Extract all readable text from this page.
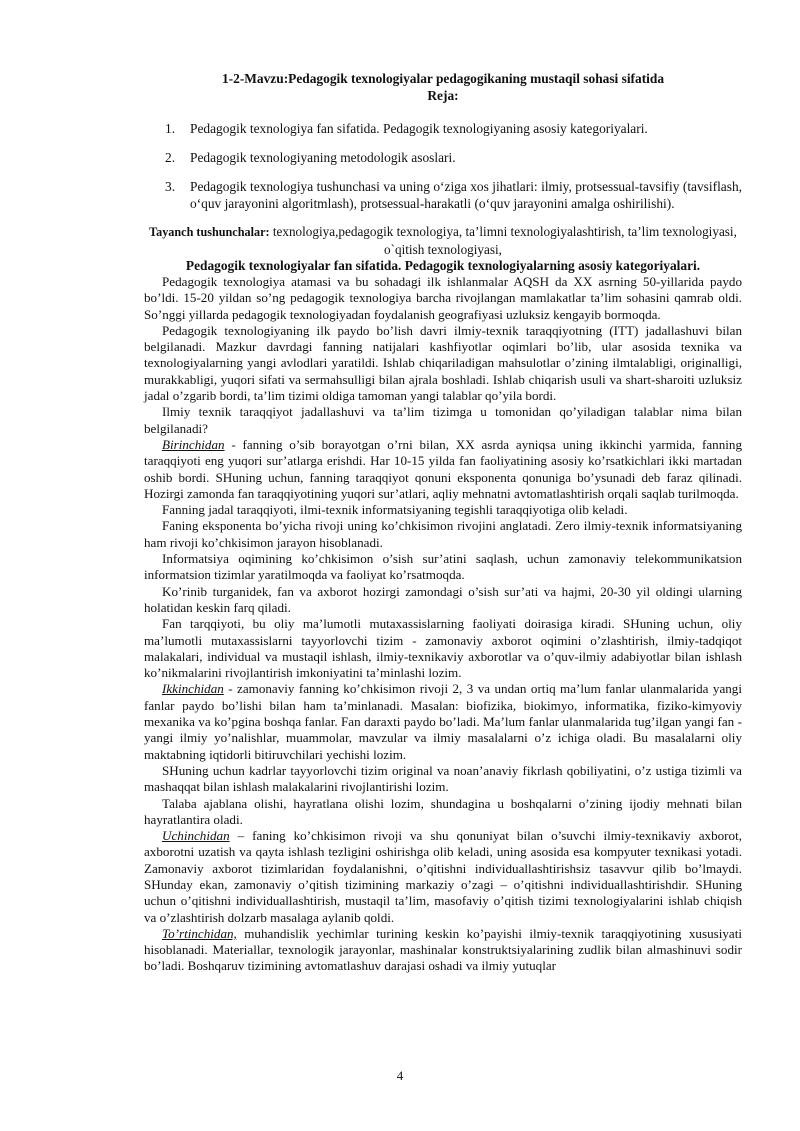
1-2-Mavzu:Pedagogik texnologiyalar pedagogikaning mustaqil sohasi sifatida
Reja:
1. Pedagogik texnologiya fan sifatida. Pedagogik texnologiyaning asosiy kategoriyalari.
2. Pedagogik texnologiyaning metodologik asoslari.
3. Pedagogik texnologiya tushunchasi va uning o‘ziga xos jihatlari: ilmiy, protsessual-tavsifiy (tavsiflash, o‘quv jarayonini algoritmlash), protsessual-harakatli (o‘quv jarayonini amalga oshirilishi).
Tayanch tushunchalar: texnologiya,pedagogik texnologiya, ta’limni texnologiyalashtirish, ta’lim texnologiyasi, o`qitish texnologiyasi,
Pedagogik texnologiyalar fan sifatida. Pedagogik texnologiyalarning asosiy kategoriyalari.

Pedagogik texnologiya atamasi va bu sohadagi ilk ishlanmalar AQSH da XX asrning 50-yillarida paydo bo’ldi. 15-20 yildan so’ng pedagogik texnologiya barcha rivojlangan mamlakatlar ta’lim sohasini qamrab oldi. So’nggi yillarda pedagogik texnologiyadan foydalanish geografiyasi uzluksiz kengayib bormoqda.

Pedagogik texnologiyaning ilk paydo bo’lish davri ilmiy-texnik taraqqiyotning (ITT) jadallashuvi bilan belgilanadi. Mazkur davrdagi fanning natijalari kashfiyotlar oqimlari bo’lib, ular asosida texnika va texnologiyalarning yangi avlodlari yaratildi. Ishlab chiqariladigan mahsulotlar o’zining ilmtalabligi, originalligi, murakkabligi, yuqori sifati va sermahsulligi bilan ajrala boshladi. Ishlab chiqarish usuli va shart-sharoiti uzluksiz jadal o’zgarib bordi, ta’lim tizimi oldiga tamoman yangi talablar qo’yila bordi.

Ilmiy texnik taraqqiyot jadallashuvi va ta’lim tizimga u tomonidan qo’yiladigan talablar nima bilan belgilanadi?

Birinchidan - fanning o’sib borayotgan o’rni bilan, XX asrda ayniqsa uning ikkinchi yarmida, fanning taraqqiyoti eng yuqori sur’atlarga erishdi. Har 10-15 yilda fan faoliyatining asosiy ko’rsatkichlari ikki martadan oshib bordi. SHuning uchun, fanning taraqqiyot qonuni eksponenta qonuniga bo’ysunadi deb faraz qilinadi. Hozirgi zamonda fan taraqqiyotining yuqori sur’atlari, aqliy mehnatni avtomatlashtirish orqali saqlab turilmoqda.

Fanning jadal taraqqiyoti, ilmi-texnik informatsiyaning tegishli taraqqiyotiga olib keladi.

Faning eksponenta bo’yicha rivoji uning ko’chkisimon rivojini anglatadi. Zero ilmiy-texnik informatsiyaning ham rivoji ko’chkisimon jarayon hisoblanadi.

Informatsiya oqimining ko’chkisimon o’sish sur’atini saqlash, uchun zamonaviy telekommunikatsion informatsion tizimlar yaratilmoqda va faoliyat ko’rsatmoqda.

Ko’rinib turganidek, fan va axborot hozirgi zamondagi o’sish sur’ati va hajmi, 20-30 yil oldingi ularning holatidan keskin farq qiladi.

Fan tarqqiyoti, bu oliy ma’lumotli mutaxassislarning faoliyati doirasiga kiradi. SHuning uchun, oliy ma’lumotli mutaxassislarni tayyorlovchi tizim - zamonaviy axborot oqimini o’zlashtirish, ilmiy-tadqiqot malakalari, individual va mustaqil ishlash, ilmiy-texnikaviy axborotlar va o’quv-ilmiy adabiyotlar bilan ishlash ko’nikmalarini rivojlantirish imkoniyatini ta’minlashi lozim.

Ikkinchidan - zamonaviy fanning ko’chkisimon rivoji 2, 3 va undan ortiq ma’lum fanlar ulanmalarida yangi fanlar paydo bo’lishi bilan ham ta’minlanadi. Masalan: biofizika, biokimyo, informatika, fiziko-kimyoviy mexanika va ko’pgina boshqa fanlar. Fan daraxti paydo bo’ladi. Ma’lum fanlar ulanmalarida tug’ilgan yangi fan - yangi ilmiy yo’nalishlar, muammolar, mavzular va ilmiy masalalarni o’z ichiga oladi. Bu masalalarni oliy maktabning iqtidorli bitiruvchilari yechishi lozim.

SHuning uchun kadrlar tayyorlovchi tizim original va noan’anaviy fikrlash qobiliyatini, o’z ustiga tizimli va mashaqqat bilan ishlash malakalarini rivojlantirishi lozim.

Talaba ajablana olishi, hayratlana olishi lozim, shundagina u boshqalarni o’zining ijodiy mehnati bilan hayratlantira oladi.

Uchinchidan – faning ko’chkisimon rivoji va shu qonuniyat bilan o’suvchi ilmiy-texnikaviy axborot, axborotni uzatish va qayta ishlash tezligini oshirishga olib keladi, uning asosida esa kompyuter texnikasi yotadi. Zamonaviy axborot tizimlaridan foydalanishni, o’qitishni individuallashtirishsiz tasavvur qilib bo’lmaydi. SHunday ekan, zamonaviy o’qitish tizimining markaziy o’zagi – o’qitishni individuallashtirishdir. SHuning uchun o’qitishni individuallashtirish, mustaqil ta’lim, masofaviy o’qitish tizimi texnologiyalarini ishlab chiqish va o’zlashtirish dolzarb masalaga aylanib qoldi.

To’rtinchidan, muhandislik yechimlar turining keskin ko’payishi ilmiy-texnik taraqqiyotining xususiyati hisoblanadi. Materiallar, texnologik jarayonlar, mashinalar konstruktsiyalarining zudlik bilan almashinuvi sodir bo’ladi. Boshqaruv tizimining avtomatlashuv darajasi oshadi va ilmiy yutuqlar

4
